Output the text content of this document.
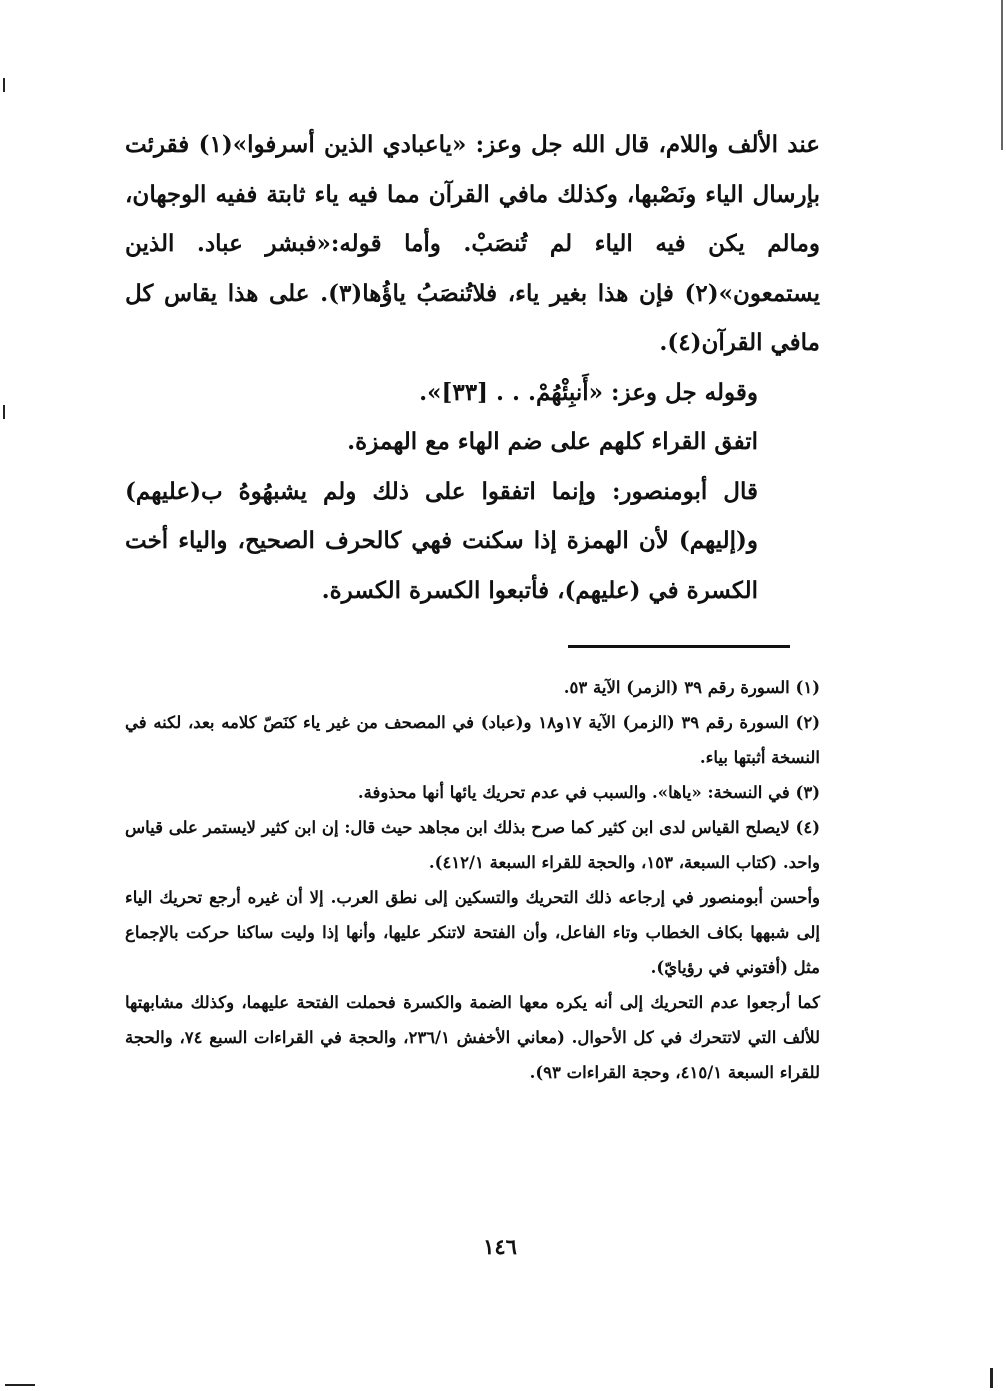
عند الألف واللام، قال الله جل وعز: «ياعبادي الذين أسرفوا»(١) فقرئت بإرسال الياء ونَصْبها، وكذلك مافي القرآن مما فيه ياء ثابتة ففيه الوجهان، ومالم يكن فيه الياء لم تُنصَبْ. وأما قوله:«فبشر عباد. الذين يستمعون»(٢) فإن هذا بغير ياء، فلاتُنصَبُ ياؤُها(٣). على هذا يقاس كل مافي القرآن(٤).

وقوله جل وعز: «أَنبِئْهُمْ. . . [٣٣]».

اتفق القراء كلهم على ضم الهاء مع الهمزة.

قال أبومنصور: وإنما اتفقوا على ذلك ولم يشبهُوهُ ب(عليهم) و(إليهم) لأن الهمزة إذا سكنت فهي كالحرف الصحيح، والياء أخت الكسرة في (عليهم)، فأتبعوا الكسرة الكسرة.

(١) السورة رقم ٣٩ (الزمر) الآية ٥٣.

(٢) السورة رقم ٣٩ (الزمر) الآية ١٧و١٨ و(عباد) في المصحف من غير ياء كنَصّ كلامه بعد، لكنه في النسخة أثبتها بياء.

(٣) في النسخة: «ياها». والسبب في عدم تحريك يائها أنها محذوفة.

(٤) لايصلح القياس لدى ابن كثير كما صرح بذلك ابن مجاهد حيث قال: إن ابن كثير لايستمر على قياس واحد. (كتاب السبعة، ١٥٣، والحجة للقراء السبعة ٤١٢/١).

وأحسن أبومنصور في إرجاعه ذلك التحريك والتسكين إلى نطق العرب. إلا أن غيره أرجع تحريك الياء إلى شبهها بكاف الخطاب وتاء الفاعل، وأن الفتحة لاتنكر عليها، وأنها إذا وليت ساكنا حركت بالإجماع مثل (أفتوني في رؤيايّ).

كما أرجعوا عدم التحريك إلى أنه يكره معها الضمة والكسرة فحملت الفتحة عليهما، وكذلك مشابهتها للألف التي لاتتحرك في كل الأحوال. (معاني الأخفش ٢٣٦/١، والحجة في القراءات السبع ٧٤، والحجة للقراء السبعة ٤١٥/١، وحجة القراءات ٩٣).

١٤٦
